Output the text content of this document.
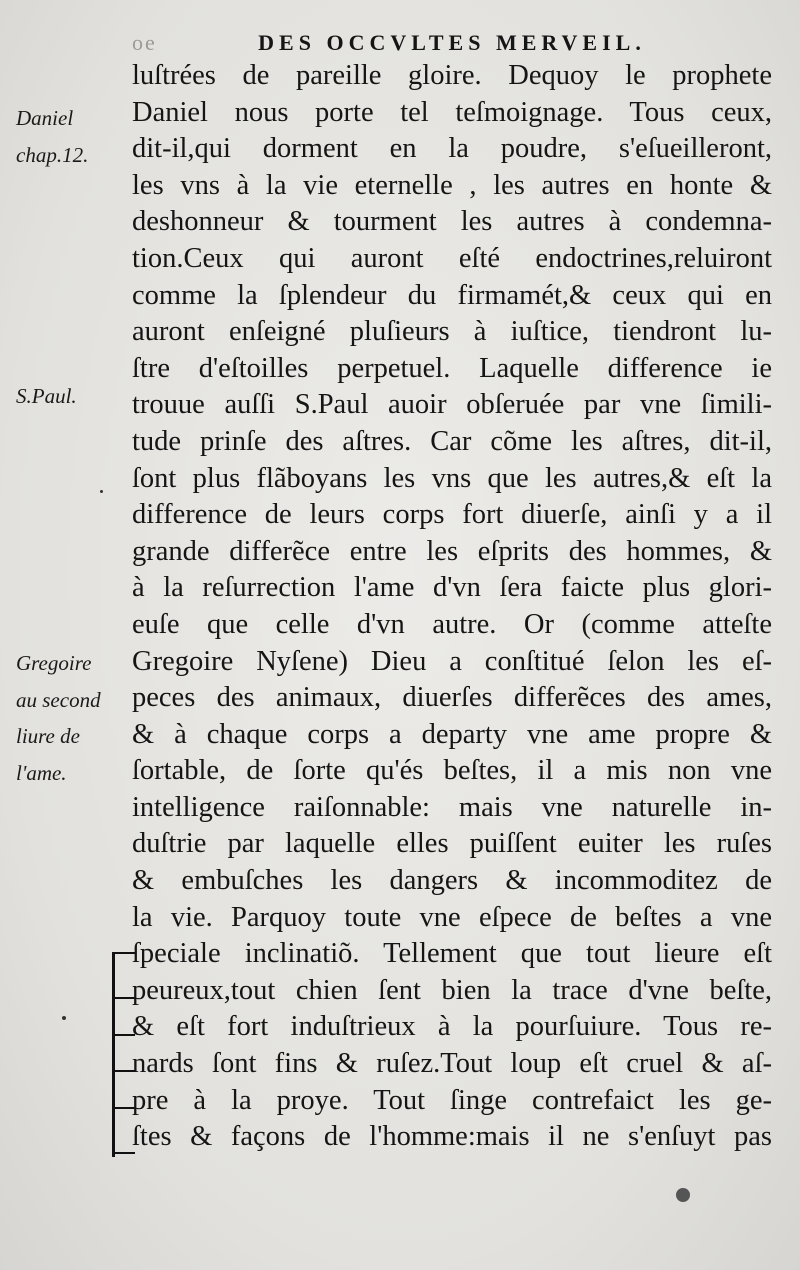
oe	DES OCCVLTES MERVEIL.
Daniel
chap.12.
S.Paul.
Gregoire
au second
liure de
l'ame.
luſtrées de pareille gloire. Dequoy le prophete
Daniel nous porte tel teſmoignage. Tous ceux,
dit-il,qui dorment en la poudre, s'eſueilleront,
les vns à la vie eternelle , les autres en honte &
deshonneur & tourment les autres à condemna-
tion.Ceux qui auront eſté endoctrines,reluiront
comme la ſplendeur du firmamét,& ceux qui en
auront enſeigné pluſieurs à iuſtice, tiendront lu-
ſtre d'eſtoilles perpetuel. Laquelle difference ie
trouue auſſi S.Paul auoir obſeruée par vne ſimili-
tude prinſe des aſtres. Car cõme les aſtres, dit-il,
ſont plus flãboyans les vns que les autres,& eſt la
difference de leurs corps fort diuerſe, ainſi y a il
grande differẽce entre les eſprits des hommes, &
à la reſurrection l'ame d'vn ſera faicte plus glori-
euſe que celle d'vn autre. Or (comme atteſte
Gregoire Nyſene) Dieu a conſtitué ſelon les eſ-
peces des animaux, diuerſes differẽces des ames,
& à chaque corps a departy vne ame propre &
ſortable, de ſorte qu'és beſtes, il a mis non vne
intelligence raiſonnable: mais vne naturelle in-
duſtrie par laquelle elles puiſſent euiter les ruſes
& embuſches les dangers & incommoditez de
la vie. Parquoy toute vne eſpece de beſtes a vne
ſpeciale inclinatiõ. Tellement que tout lieure eſt
peureux,tout chien ſent bien la trace d'vne beſte,
& eſt fort induſtrieux à la pourſuiure. Tous re-
nards ſont fins & ruſez.Tout loup eſt cruel & aſ-
pre à la proye. Tout ſinge contrefaict les ge-
ſtes & façons de l'homme:mais il ne s'enſuyt pas
